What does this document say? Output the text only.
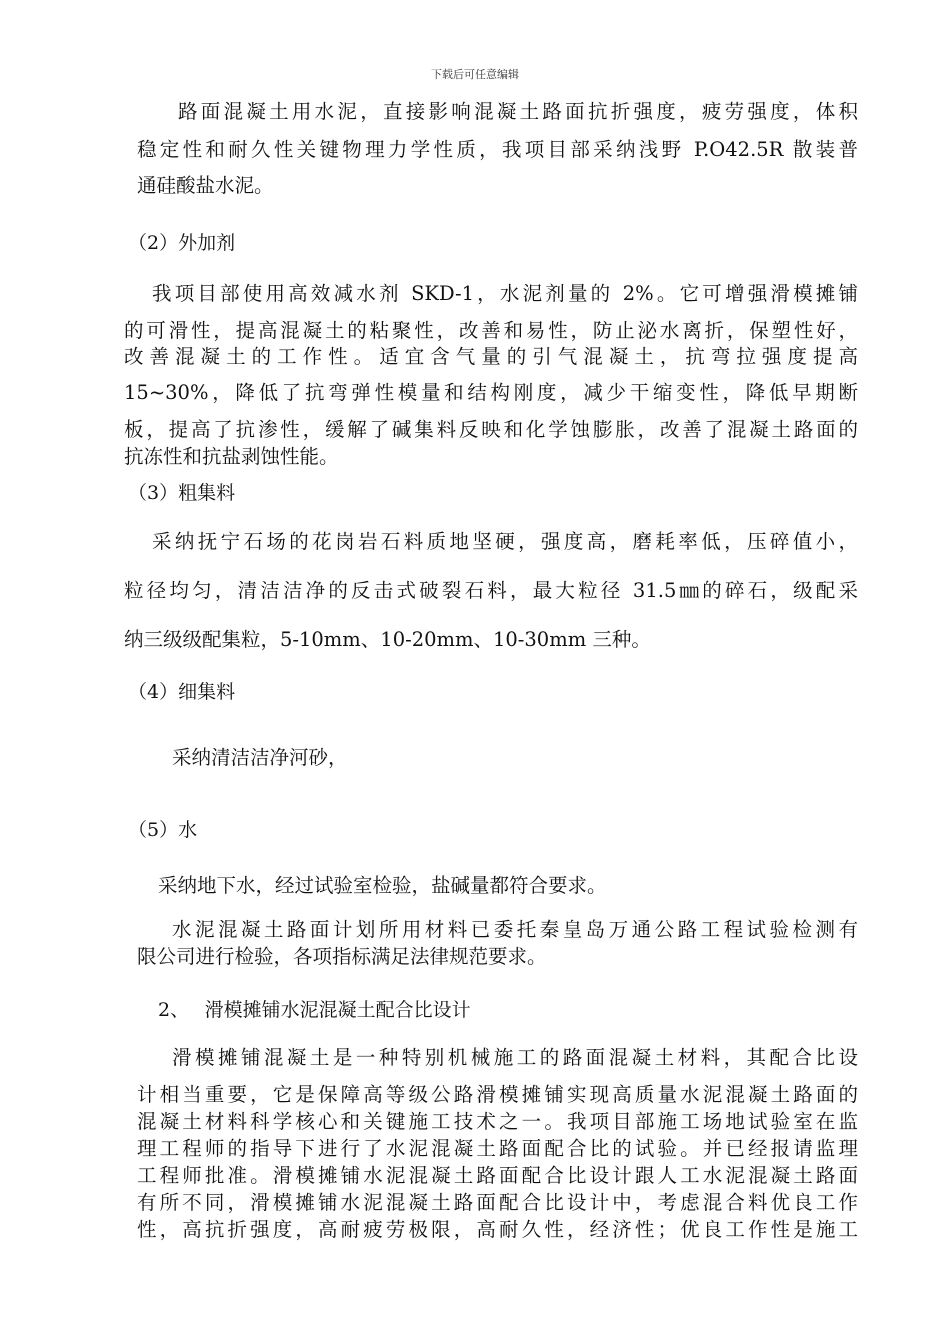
下载后可任意编辑
路面混凝土用水泥，直接影响混凝土路面抗折强度，疲劳强度，体积
稳定性和耐久性关键物理力学性质，我项目部采纳浅野 P.O42.5R 散装普
通硅酸盐水泥。
（2）外加剂
我项目部使用高效减水剂 SKD-1，水泥剂量的 2%。它可增强滑模摊铺
的可滑性，提高混凝土的粘聚性，改善和易性，防止泌水离折，保塑性好，
改善混凝土的工作性。适宜含气量的引气混凝土，抗弯拉强度提高
15~30%，降低了抗弯弹性模量和结构刚度，减少干缩变性，降低早期断
板，提高了抗渗性，缓解了碱集料反映和化学蚀膨胀，改善了混凝土路面的
抗冻性和抗盐剥蚀性能。
（3）粗集料
采纳抚宁石场的花岗岩石料质地坚硬，强度高，磨耗率低，压碎值小，
粒径均匀，清洁洁净的反击式破裂石料，最大粒径 31.5㎜的碎石，级配采
纳三级级配集粒，5-10mm、10-20mm、10-30mm 三种。
（4）细集料
采纳清洁洁净河砂，
（5）水
采纳地下水，经过试验室检验，盐碱量都符合要求。
水泥混凝土路面计划所用材料已委托秦皇岛万通公路工程试验检测有
限公司进行检验，各项指标满足法律规范要求。
2、　 滑模摊铺水泥混凝土配合比设计
滑模摊铺混凝土是一种特别机械施工的路面混凝土材料，其配合比设
计相当重要，它是保障高等级公路滑模摊铺实现高质量水泥混凝土路面的
混凝土材料科学核心和关键施工技术之一。我项目部施工场地试验室在监
理工程师的指导下进行了水泥混凝土路面配合比的试验。并已经报请监理
工程师批准。滑模摊铺水泥混凝土路面配合比设计跟人工水泥混凝土路面
有所不同，滑模摊铺水泥混凝土路面配合比设计中，考虑混合料优良工作
性，高抗折强度，高耐疲劳极限，高耐久性，经济性；优良工作性是施工
